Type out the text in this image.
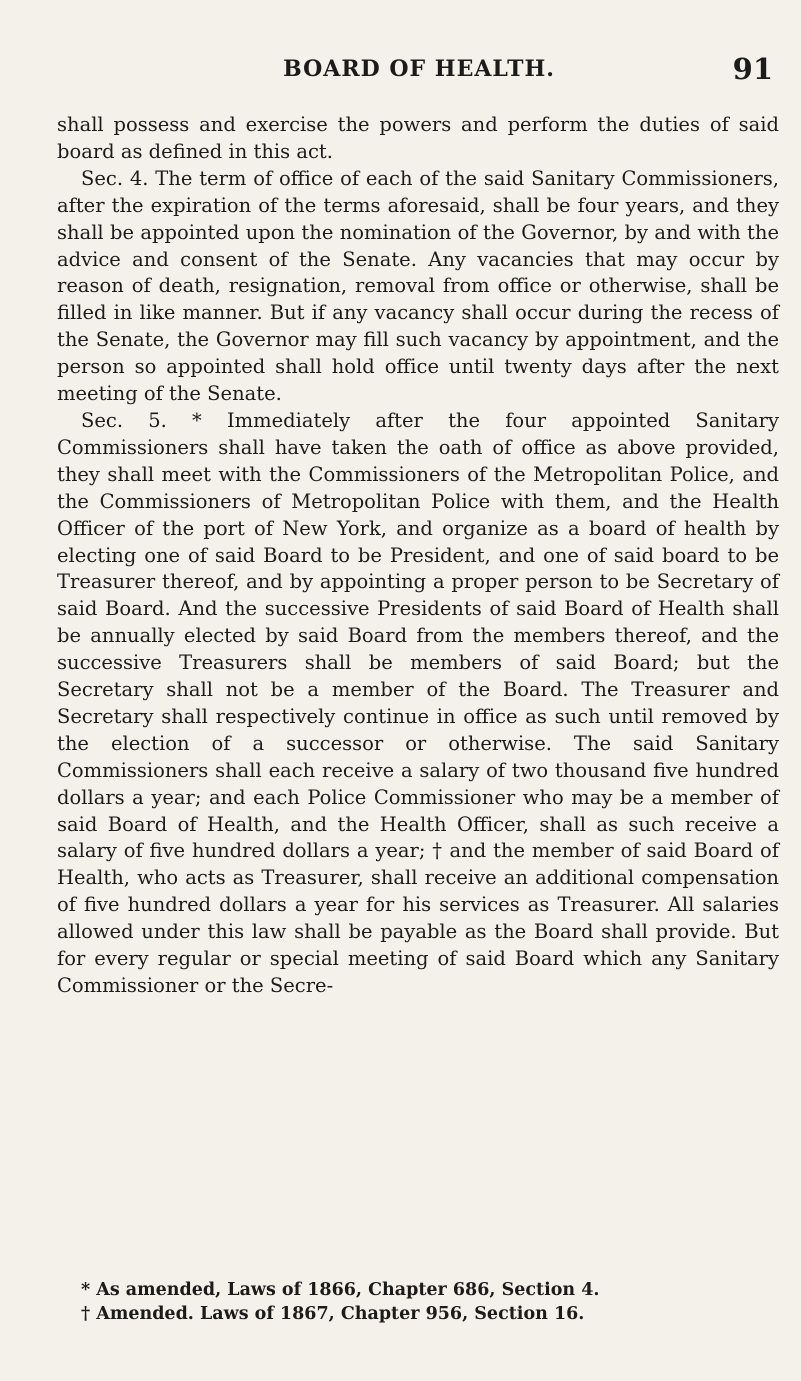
BOARD OF HEALTH.	91

shall possess and exercise the powers and perform the duties of said board as defined in this act.

Sec. 4. The term of office of each of the said Sanitary Commissioners, after the expiration of the terms aforesaid, shall be four years, and they shall be appointed upon the nomination of the Governor, by and with the advice and consent of the Senate. Any vacancies that may occur by reason of death, resignation, removal from office or otherwise, shall be filled in like manner. But if any vacancy shall occur during the recess of the Senate, the Governor may fill such vacancy by appointment, and the person so appointed shall hold office until twenty days after the next meeting of the Senate.

Sec. 5. * Immediately after the four appointed Sanitary Commissioners shall have taken the oath of office as above provided, they shall meet with the Commissioners of the Metropolitan Police, and the Commissioners of Metropolitan Police with them, and the Health Officer of the port of New York, and organize as a board of health by electing one of said Board to be President, and one of said board to be Treasurer thereof, and by appointing a proper person to be Secretary of said Board. And the successive Presidents of said Board of Health shall be annually elected by said Board from the members thereof, and the successive Treasurers shall be members of said Board; but the Secretary shall not be a member of the Board. The Treasurer and Secretary shall respectively continue in office as such until removed by the election of a successor or otherwise. The said Sanitary Commissioners shall each receive a salary of two thousand five hundred dollars a year; and each Police Commissioner who may be a member of said Board of Health, and the Health Officer, shall as such receive a salary of five hundred dollars a year; † and the member of said Board of Health, who acts as Treasurer, shall receive an additional compensation of five hundred dollars a year for his services as Treasurer. All salaries allowed under this law shall be payable as the Board shall provide. But for every regular or special meeting of said Board which any Sanitary Commissioner or the Secre-

* As amended, Laws of 1866, Chapter 686, Section 4.

† Amended. Laws of 1867, Chapter 956, Section 16.
